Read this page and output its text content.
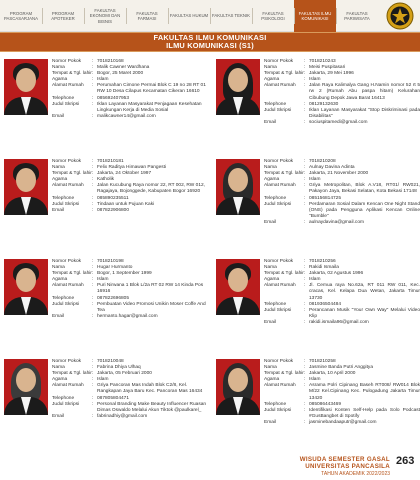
PROGRAM PASCASARJANA
PROGRAM APOTEKER
FAKULTAS EKONOMI DAN BISNIS
FAKULTAS FARMASI
FAKULTAS HUKUM FAKULTAS TEKNIK
FAKULTAS PSIKOLOGI
FAKULTAS ILMU KOMUNIKASI
FAKULTAS PARIWISATA
FAKULTAS ILMU KOMUNIKASI
ILMU KOMUNIKASI (S1)
Nomor Pokok	: 7018210168
Nama	: Malik Cawner Wardhana
Tempat & Tgl. lahir : Bogor, 25 Maret 2000
Agama	: Islam
Alamat Rumah	: Perumahan Cimone Permai Blok C 19 no 28 RT 01 RW 10 Desa Cilapus Kecamatan Cikeran 16610
Telephone	: 085692407953
Judul Skripsi	: Iklan Layanan Masyarakat Penjagaan Kesehatan Lingkungan Kerja di Media Sosial
Email	: malikcawner14@gmail.com
Nomor Pokok	: 7018210243
Nama	: Meisi Puspitasari
Tempat & Tgl. lahir : Jakarta, 29 Mei 1996
Agama	: Islam
Alamat Rumah	: Jalan Raya Kalimalya Gang H.Namin nomor 52 rt 5 rw 2 (Rumah Abu paspa hitam) Kelurahan Cibubung Depok Jawa Barat 16413
Telephone	: 08129132630
Judul Skripsi	: Iklan Layanan Masyarakat "Stop Diskriminasi pada Disabilitas"
Email	: sociuspitamedi@gmail.com
Nomor Pokok	: 7018210181
Nama	: Felix Raditya Himawan Pangesti
Tempat & Tgl. lahir : Jakarta, 24 Oktober 1997
Agama	: Katholik
Alamat Rumah	: Jalan Kucubung Raya nomor 22, RT 002, RW 012, Ragajaya, Bojonggede, Kabupaten Bogor 16920
Telephone	: 085890235511
Judul Skripsi	: Tindaan untuk Pujuan Kaki
Email	: 087822906800
Nomor Pokok	: 7018210208
Nama	: Aulnay Davina Adinta
Tempat & Tgl. lahir : Jakarta, 21 November 2000
Agama	: Islam
Alamat Rumah	: Griya Metropolitan, Blok A.V18, RT01/ RW021, Pakayon Jaya, Bekasi Selatan, Kota Bekasi 17148
Telephone	: 085156814725
Judul Skripsi	: Perdamaran Sosial Dalam Kencan One Night Stand (ONS) pada Pengguna Aplikasi Kencan Online "Bumble"
Email	: aulnaydavina@gmail.com
Nomor Pokok	: 7018210198
Nama	: Hugar Hurmanto
Tempat & Tgl. lahir : Bogor, 1 September 1999
Agama	: Islam
Alamat Rumah	: Puri Nirwana 1 Blok L/2a RT 02 RW 14 Kinda Pos 16916
Telephone	: 087822696805
Judul Skripsi	: Pembuatan Video Promosi Unikin Moser Coffe And Tea
Email	: hermanto.hagar@gmail.com
Nomor Pokok	: 7018210256
Nama	: Rakidi Ismaila
Tempat & Tgl. lahir : Jakarta, 02 Agustus 1996
Agama	: Islam
Alamat Rumah	: Jl. Cemua raya No.62a, RT 011 RW 011, Kec. cracas, Kel. Kelapa Dua Wetan, Jakarta Timur 13730
Telephone	: 081936504484
Judul Skripsi	: Perancanan Musik "Your Own Way" Melalui Video Klip
Email	: rakidi.ismaila96@gmail.com
Nomor Pokok	: 7018210048
Nama	: Fabrina Dhiya Ulhaq
Tempat & Tgl. lahir : Jakarta, 05 Februari 2000
Agama	: Islam
Alamat Rumah	: Griya Pancoran Mas Indah Blok C2/8, Kel. Rangkapan Jaya Baru Kec. Pancoran Mas 16434
Telephone	: 087805804471
Judul Skripsi	: Personal Branding Make Beauty Influencer Ruasan Dimas Oswaldo Melalui Akun Tiktok @paulkarel_
Email	: fabrinadhiy@gmail.com
Nomor Pokok	: 7018210258
Nama	: Jasmine Banda Putri Anggitya
Tempat & Tgl. lahir : Jakarta, 10 April 2000
Agama	: Islam
Alamat Rumah	: Asrama Polri Cipinang Baseh RT008/ RW014 Blok M/22 Kel.Cipinang Kec. Pulogadung Jakarta Timur 13420
Telephone	: 085086443469
Judul Skripsi	: Identifikasi Konten Self-Help pada Solo Podcast #GusBangbet di Spotify
Email	: jasminebandaaputr@gmail.com
WISUDA SEMESTER GASAL UNIVERSITAS PANCASILA
TAHUN AKADEMIK 2022/2023
263
